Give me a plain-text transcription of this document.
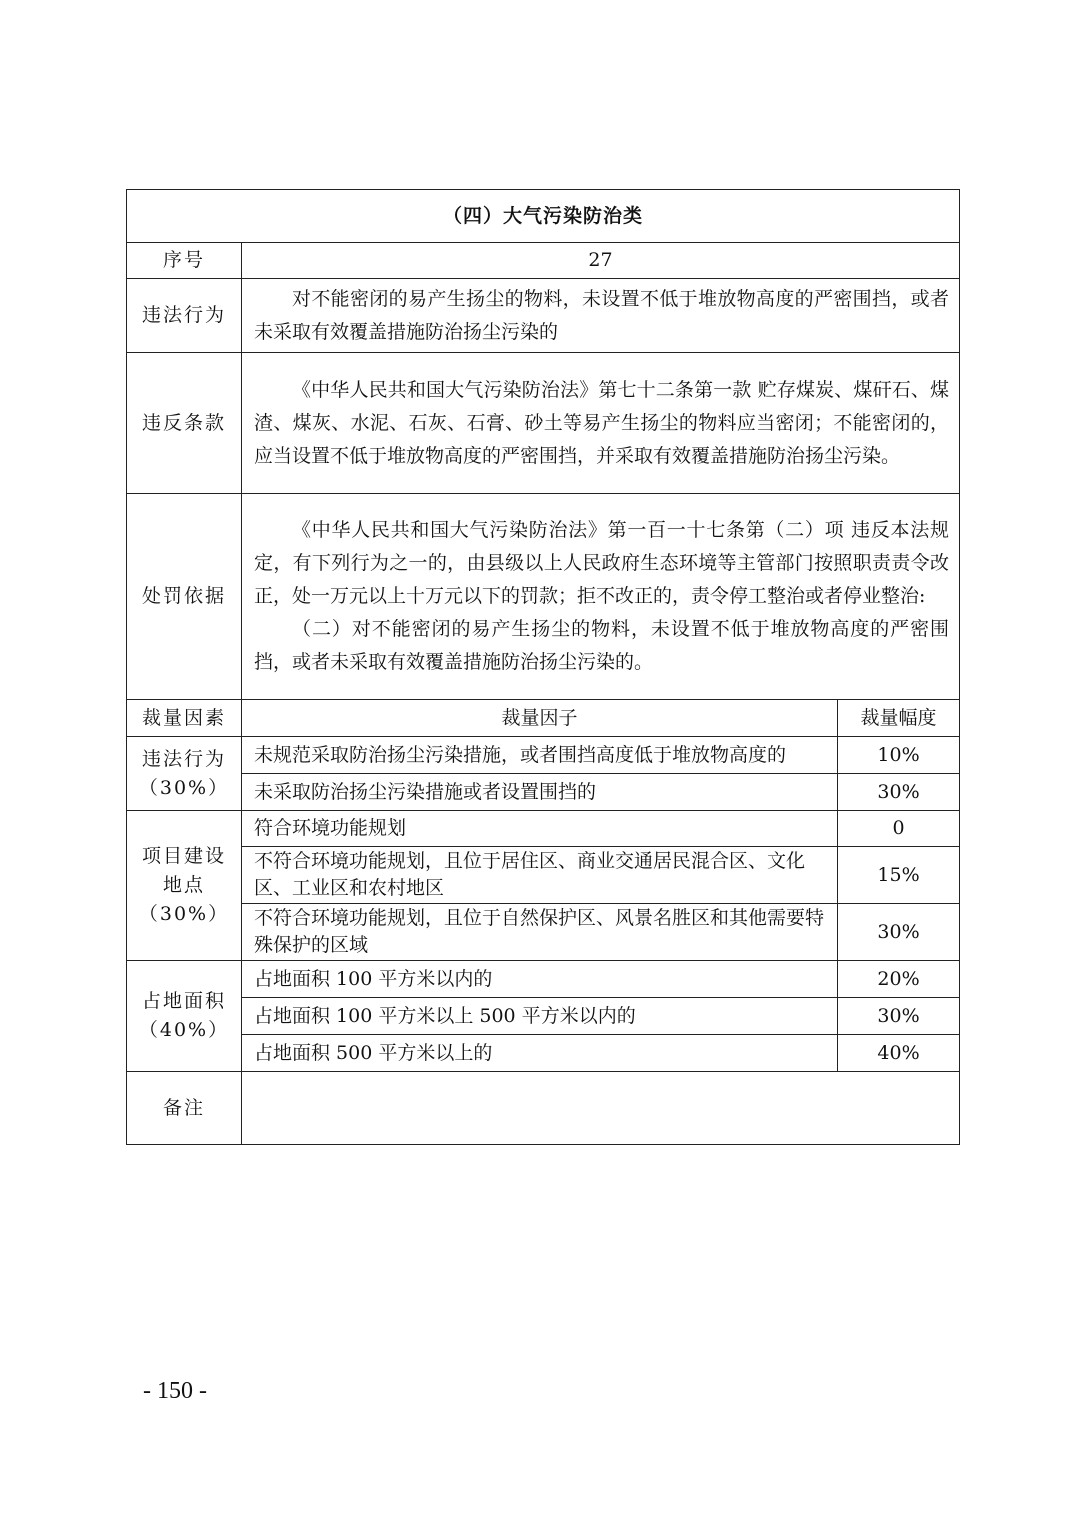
（四）大气污染防治类		
序号	27	
违法行为	对不能密闭的易产生扬尘的物料，未设置不低于堆放物高度的严密围挡，或者未采取有效覆盖措施防治扬尘污染的	

违反条款	《中华人民共和国大气污染防治法》第七十二条第一款 贮存煤炭、煤矸石、煤渣、煤灰、水泥、石灰、石膏、砂土等易产生扬尘的物料应当密闭；不能密闭的，应当设置不低于堆放物高度的严密围挡，并采取有效覆盖措施防治扬尘污染。	

处罚依据	《中华人民共和国大气污染防治法》第一百一十七条第（二）项 违反本法规定，有下列行为之一的，由县级以上人民政府生态环境等主管部门按照职责责令改正，处一万元以上十万元以下的罚款；拒不改正的，责令停工整治或者停业整治:

（二）对不能密闭的易产生扬尘的物料，未设置不低于堆放物高度的严密围挡，或者未采取有效覆盖措施防治扬尘污染的。	

裁量因素	裁量因子	裁量幅度

违法行为
（30%）	未规范采取防治扬尘污染措施，或者围挡高度低于堆放物高度的	10%
	未采取防治扬尘污染措施或者设置围挡的	30%

项目建设
地点
（30%）	符合环境功能规划	0
	不符合环境功能规划，且位于居住区、商业交通居民混合区、文化区、工业区和农村地区	15%
	不符合环境功能规划，且位于自然保护区、风景名胜区和其他需要特殊保护的区域	30%

占地面积
（40%）	占地面积 100 平方米以内的	20%
	占地面积 100 平方米以上 500 平方米以内的	30%
	占地面积 500 平方米以上的	40%
备注		
- 150 -
